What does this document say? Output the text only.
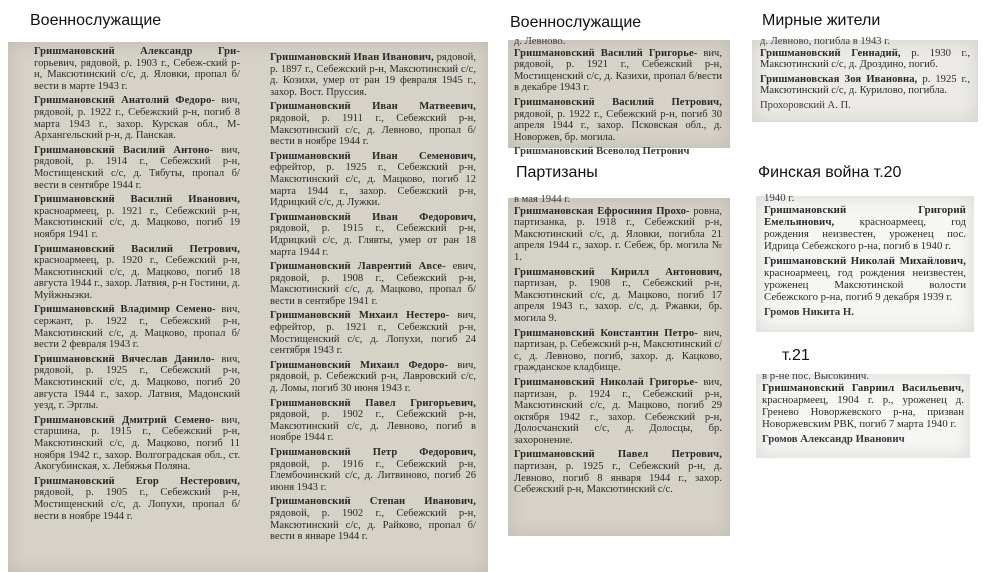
Военнослужащие	Военнослужащие	Мирные жители
Партизаны	Финская война т.20
т.21
Гришмановский Александр Гри- горьевич, рядовой, р. 1903 г., Себеж-ский р-н, Максютинский с/с, д. Яловки, пропал б/вести в марте 1943 г.
Гришмановский Анатолий Федоро- вич, рядовой, р. 1922 г., Себежский р-н, погиб 8 марта 1943 г., захор. Курская обл., М-Архангельский р-н, д. Панская.
Гришмановский Василий Антоно- вич, рядовой, р. 1914 г., Себежский р-н, Мостищенский с/с, д. Тябуты, пропал б/вести в сентябре 1944 г.
Гришмановский Василий Иванович, красноармеец, р. 1921 г., Себежский р-н, Максютинский с/с, д. Мацково, погиб 19 ноября 1941 г.
Гришмановский Василий Петрович, красноармеец, р. 1920 г., Себежский р-н, Максютинский с/с, д. Мацково, погиб 18 августа 1944 г., захор. Латвия, р-н Гостини, д. Муйжныэки.
Гришмановский Владимир Семено- вич, сержант, р. 1922 г., Себежский р-н, Максютинский с/с, д. Мацково, пропал б/вести 2 февраля 1943 г.
Гришмановский Вячеслав Данило- вич, рядовой, р. 1925 г., Себежский р-н, Максютинский с/с, д. Мацково, погиб 20 августа 1944 г., захор. Латвия, Мадонский уезд, г. Эрглы.
Гришмановский Дмитрий Семено- вич, старшина, р. 1915 г., Себежский р-н, Максютинский с/с, д. Мацково, погиб 11 ноября 1942 г., захор. Волгоградская обл., ст. Акогубинская, х. Лебяжья Поляна.
Гришмановский Егор Нестерович, рядовой, р. 1905 г., Себежский р-н, Мостищенский с/с, д. Лопухи, пропал б/вести в ноябре 1944 г.
Гришмановский Иван Иванович, рядовой, р. 1897 г., Себежский р-н, Максютинский с/с, д. Козихи, умер от ран 19 февраля 1945 г., захор. Вост. Пруссия.
Гришмановский Иван Матвеевич, рядовой, р. 1911 г., Себежский р-н, Максютинский с/с, д. Левново, пропал б/вести в ноябре 1944 г.
Гришмановский Иван Семенович, ефрейтор, р. 1925 г., Себежский р-н, Максютинский с/с, д. Мацково, погиб 12 марта 1944 г., захор. Себежский р-н, Идрицкий с/с, д. Лужки.
Гришмановский Иван Федорович, рядовой, р. 1915 г., Себежский р-н, Идрицкий с/с, д. Глявты, умер от ран 18 марта 1944 г.
Гришмановский Лаврентий Авсе- евич, рядовой, р. 1908 г., Себежский р-н, Максютинский с/с, д. Мацково, пропал б/вести в сентябре 1941 г.
Гришмановский Михаил Нестеро- вич, ефрейтор, р. 1921 г., Себежский р-н, Мостищенский с/с, д. Лопухи, погиб 24 сентября 1943 г.
Гришмановский Михаил Федоро- вич, рядовой, р. Себежский р-н, Лавровский с/с, д. Ломы, погиб 30 июня 1943 г.
Гришмановский Павел Григорьевич, рядовой, р. 1902 г., Себежский р-н, Максютинский с/с, д. Левново, погиб в ноябре 1944 г.
Гришмановский Петр Федорович, рядовой, р. 1916 г., Себежский р-н, Глембочинский с/с, д. Литвиново, погиб 26 июня 1943 г.
Гришмановский Степан Иванович, рядовой, р. 1902 г., Себежский р-н, Максютинский с/с, д. Райково, пропал б/вести в январе 1944 г.
д. Левново.
Гришмановский Василий Григорье- вич, рядовой, р. 1921 г., Себежский р-н, Мостищенский с/с, д. Казихи, пропал б/вести в декабре 1943 г.
Гришмановский Василий Петрович, рядовой, р. 1922 г., Себежский р-н, погиб 30 апреля 1944 г., захор. Псковская обл., д. Новоржев, бр. могила.
Гришмановский Всеволод Петрович
д. Левново, погибла в 1943 г.
Гришмановский Геннадий, р. 1930 г., Максютинский с/с, д. Дроздино, погиб.
Гришмановская Зоя Ивановна, р. 1925 г., Максютинский с/с, д. Курилово, погибла.
Прохоровский А. П.
в мая 1944 г.
Гришмановская Ефросиния Прохо- ровна, партизанка, р. 1918 г., Себежский р-н, Максютинский с/с, д. Яловки, погибла 21 апреля 1944 г., захор. г. Себеж, бр. могила № 1.
Гришмановский Кирилл Антонович, партизан, р. 1908 г., Себежский р-н, Максютинский с/с, д. Мацково, погиб 17 апреля 1943 г., захор. с/с, д. Ржавки, бр. могила 9.
Гришмановский Константин Петро- вич, партизан, р. Себежский р-н, Максютинский с/с, д. Левново, погиб, захор. д. Кацково, гражданское кладбище.
Гришмановский Николай Григорье- вич, партизан, р. 1924 г., Себежский р-н, Максютинский с/с, д. Мацково, погиб 29 октября 1942 г., захор. Себежский р-н, Долосчанский с/с, д. Долосцы, бр. захоронение.
Гришмановский Павел Петрович, партизан, р. 1925 г., Себежский р-н, д. Левново, погиб 8 января 1944 г., захор. Себежский р-н, Максютинский с/с.
1940 г.
Гришмановский Григорий Емельянович, красноармеец, год рождения неизвестен, уроженец пос. Идрица Себежского р-на, погиб в 1940 г.
Гришмановский Николай Михайлович, красноармеец, год рождения неизвестен, уроженец Максютинской волости Себежского р-на, погиб 9 декабря 1939 г.
Громов Никита Н.
в р-не пос. Высокинич.
Гришмановский Гавриил Васильевич, красноармеец, 1904 г. р., уроженец д. Гренево Новоржевского р-на, призван Новоржевским РВК, погиб 7 марта 1940 г.
Громов Александр Иванович
